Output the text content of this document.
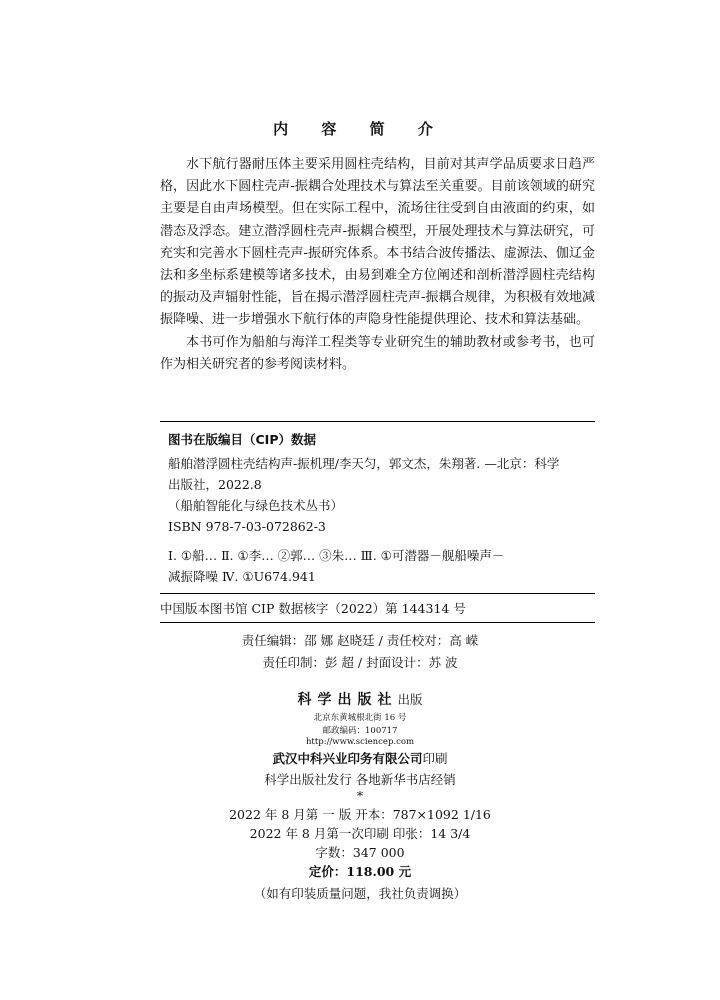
内 容 简 介

水下航行器耐压体主要采用圆柱壳结构，目前对其声学品质要求日趋严格，因此水下圆柱壳声-振耦合处理技术与算法至关重要。目前该领域的研究主要是自由声场模型。但在实际工程中，流场往往受到自由液面的约束，如潜态及浮态。建立潜浮圆柱壳声-振耦合模型，开展处理技术与算法研究，可充实和完善水下圆柱壳声-振研究体系。本书结合波传播法、虚源法、伽辽金法和多坐标系建模等诸多技术，由易到难全方位阐述和剖析潜浮圆柱壳结构的振动及声辐射性能，旨在揭示潜浮圆柱壳声-振耦合规律，为积极有效地减振降噪、进一步增强水下航行体的声隐身性能提供理论、技术和算法基础。

本书可作为船舶与海洋工程类等专业研究生的辅助教材或参考书，也可作为相关研究者的参考阅读材料。

图书在版编目（CIP）数据

船舶潜浮圆柱壳结构声-振机理/李天匀，郭文杰，朱翔著. —北京：科学

出版社，2022.8

（船舶智能化与绿色技术丛书）

ISBN 978-7-03-072862-3

Ⅰ. ①船… Ⅱ. ①李… ②郭… ③朱… Ⅲ. ①可潜器－舰船噪声－

减振降噪 Ⅳ. ①U674.941

中国版本图书馆 CIP 数据核字（2022）第 144314 号

责任编辑：邵 娜 赵晓廷 / 责任校对：高 嵘
责任印制：彭 超 / 封面设计：苏 波
科学出版社出版
北京东黄城根北街 16 号
邮政编码：100717
http://www.sciencep.com
武汉中科兴业印务有限公司印刷
科学出版社发行 各地新华书店经销
*
2022 年 8 月第 一 版 开本：787×1092 1/16
2022 年 8 月第一次印刷 印张：14 3/4
字数：347 000
定价：118.00 元
（如有印装质量问题，我社负责调换）
